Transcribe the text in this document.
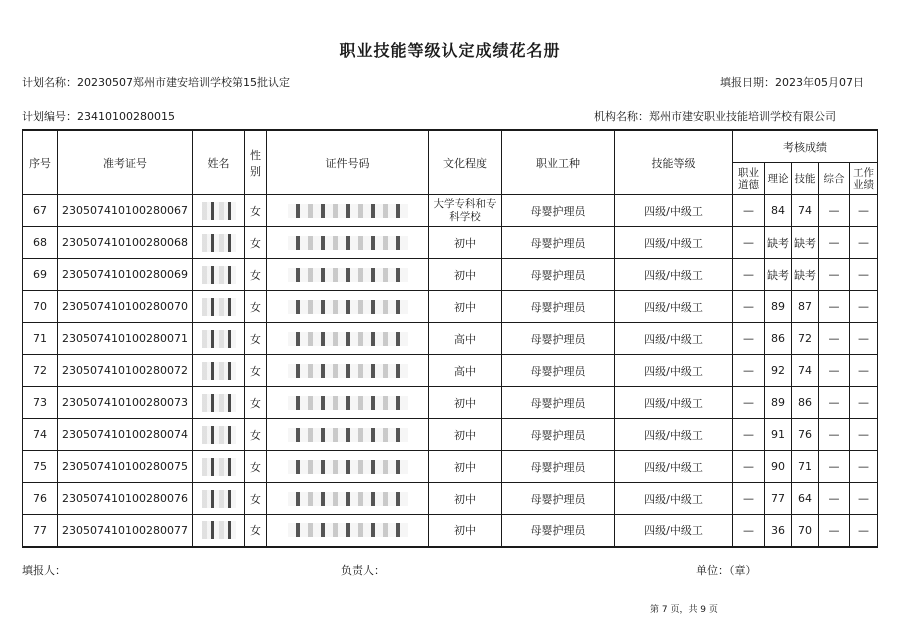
职业技能等级认定成绩花名册
计划名称：20230507郑州市建安培训学校第15批认定	填报日期：2023年05月07日
计划编号：23410100280015	机构名称：郑州市建安职业技能培训学校有限公司
序号	准考证号	姓名	性别	证件号码	文化程度	职业工种	技能等级	考核成绩				
								职业道德	理论	技能	综合	工作业绩
67	230507410100280067		女		大学专科和专科学校	母婴护理员	四级/中级工	—	84	74	—	—
68	230507410100280068		女		初中	母婴护理员	四级/中级工	—	缺考	缺考	—	—
69	230507410100280069		女		初中	母婴护理员	四级/中级工	—	缺考	缺考	—	—
70	230507410100280070		女		初中	母婴护理员	四级/中级工	—	89	87	—	—
71	230507410100280071		女		高中	母婴护理员	四级/中级工	—	86	72	—	—
72	230507410100280072		女		高中	母婴护理员	四级/中级工	—	92	74	—	—
73	230507410100280073		女		初中	母婴护理员	四级/中级工	—	89	86	—	—
74	230507410100280074		女		初中	母婴护理员	四级/中级工	—	91	76	—	—
75	230507410100280075		女		初中	母婴护理员	四级/中级工	—	90	71	—	—
76	230507410100280076		女		初中	母婴护理员	四级/中级工	—	77	64	—	—
77	230507410100280077		女		初中	母婴护理员	四级/中级工	—	36	70	—	—
填报人：	负责人：	单位：（章）
第 7 页，共 9 页
